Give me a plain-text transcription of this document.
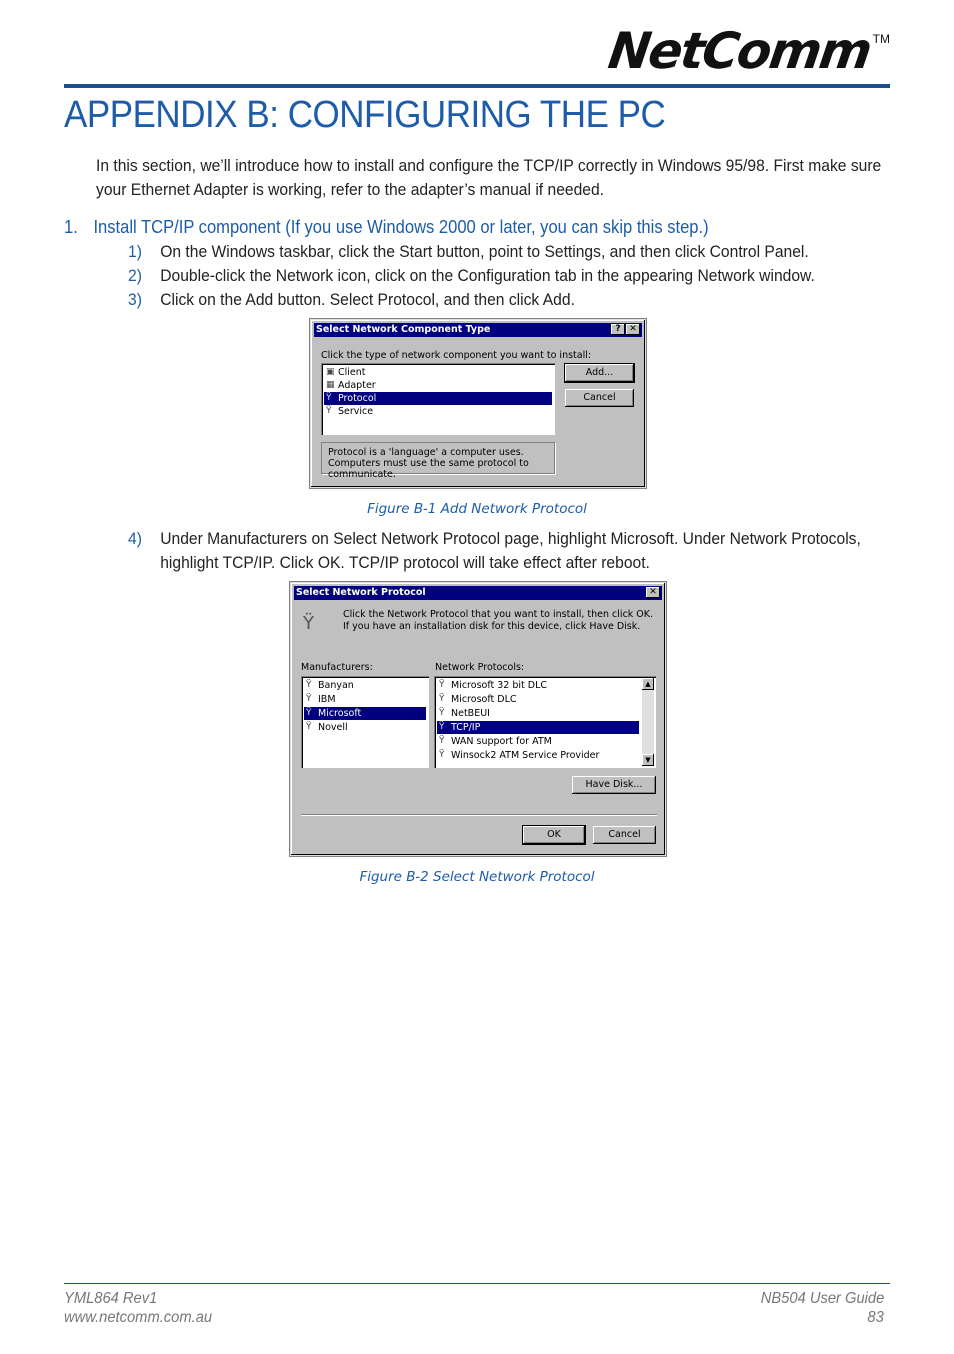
NetComm
TM
APPENDIX B: CONFIGURING THE PC
In this section, we’ll introduce how to install and configure the TCP/IP correctly in Windows 95/98. First make sure your Ethernet Adapter is working, refer to the adapter’s manual if needed.
1. Install TCP/IP component (If you use Windows 2000 or later, you can skip this step.)
1) On the Windows taskbar, click the Start button, point to Settings, and then click Control Panel.
2) Double-click the Network icon, click on the Configuration tab in the appearing Network window.
3) Click on the Add button. Select Protocol, and then click Add.
Select Network Component Type	? ✕
Click the type of network component you want to install:
▣ Client
▦ Adapter
Ÿ Protocol
Ÿ Service
Add...
Cancel
Protocol is a 'language' a computer uses. Computers must use the same protocol to communicate.
Figure B-1 Add Network Protocol
4) Under Manufacturers on Select Network Protocol page, highlight Microsoft. Under Network Protocols, highlight TCP/IP. Click OK. TCP/IP protocol will take effect after reboot.
Select Network Protocol	✕
Ÿ	Click the Network Protocol that you want to install, then click OK. If you have an installation disk for this device, click Have Disk.
Manufacturers:	Network Protocols:
Ÿ Banyan
Ÿ IBM
Ÿ Microsoft
Ÿ Novell
Ÿ Microsoft 32 bit DLC
Ÿ Microsoft DLC
Ÿ NetBEUI
Ÿ TCP/IP
Ÿ WAN support for ATM
Ÿ Winsock2 ATM Service Provider
▲
▼
Have Disk...
OK	Cancel
Figure B-2 Select Network Protocol
YML864 Rev1
www.netcomm.com.au
NB504 User Guide
83
